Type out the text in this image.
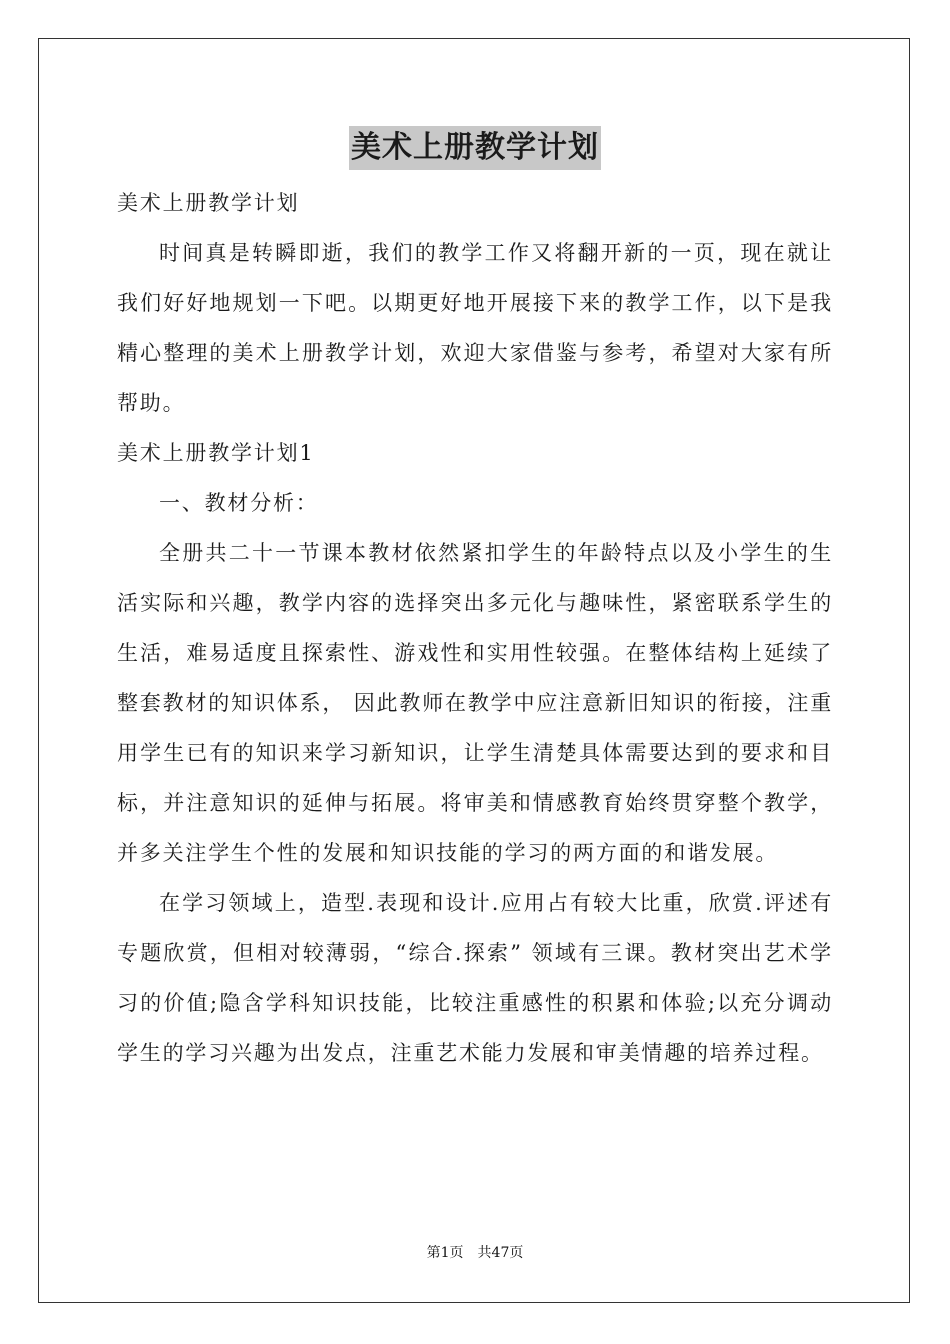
美术上册教学计划
美术上册教学计划

时间真是转瞬即逝，我们的教学工作又将翻开新的一页，现在就让我们好好地规划一下吧。以期更好地开展接下来的教学工作，以下是我精心整理的美术上册教学计划，欢迎大家借鉴与参考，希望对大家有所帮助。

美术上册教学计划1
一、教材分析：

全册共二十一节课本教材依然紧扣学生的年龄特点以及小学生的生活实际和兴趣，教学内容的选择突出多元化与趣味性，紧密联系学生的生活，难易适度且探索性、游戏性和实用性较强。在整体结构上延续了整套教材的知识体系， 因此教师在教学中应注意新旧知识的衔接，注重用学生已有的知识来学习新知识，让学生清楚具体需要达到的要求和目标，并注意知识的延伸与拓展。将审美和情感教育始终贯穿整个教学，并多关注学生个性的发展和知识技能的学习的两方面的和谐发展。

在学习领域上，造型.表现和设计.应用占有较大比重，欣赏.评述有专题欣赏，但相对较薄弱，“综合.探索” 领域有三课。教材突出艺术学习的价值;隐含学科知识技能，比较注重感性的积累和体验;以充分调动学生的学习兴趣为出发点，注重艺术能力发展和审美情趣的培养过程。

第1页　共47页
